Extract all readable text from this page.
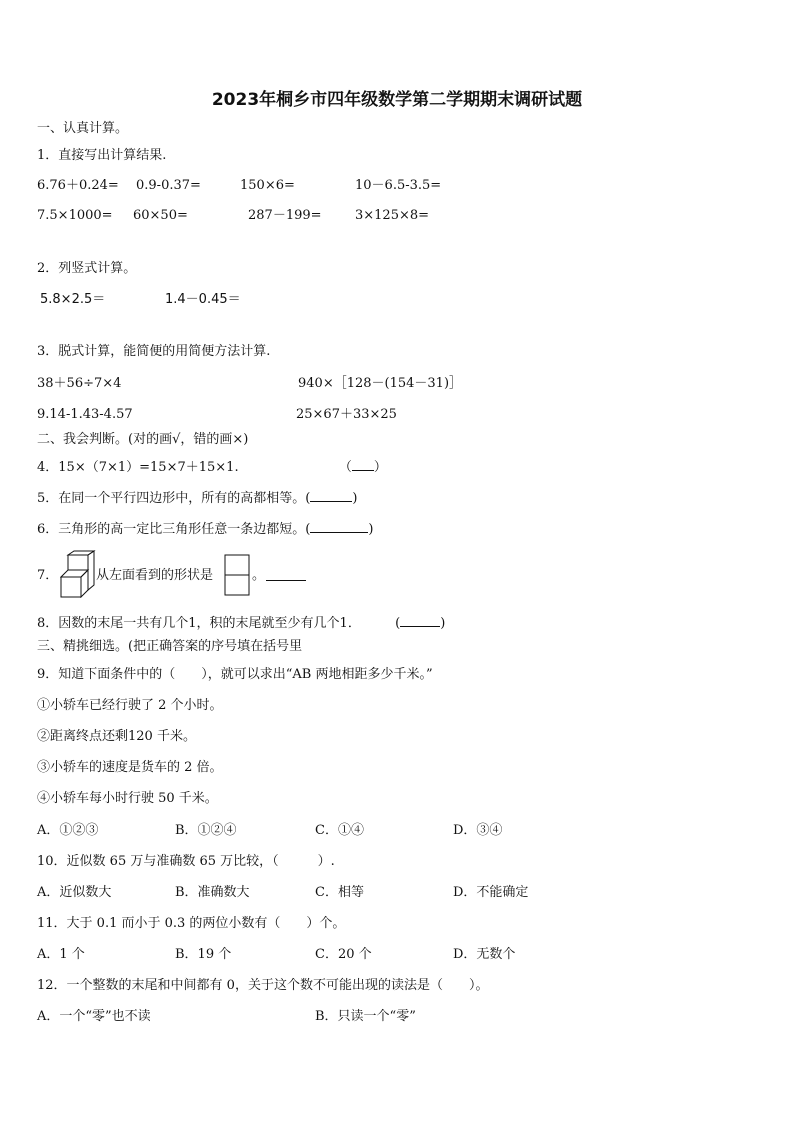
2023年桐乡市四年级数学第二学期期末调研试题
一、认真计算。
1．直接写出计算结果.
6.76＋0.24= 0.9-0.37=	150×6=	10－6.5-3.5=
7.5×1000= 60×50=	287－199=	3×125×8=
2．列竖式计算。
5.8×2.5＝	1.4－0.45＝
3．脱式计算，能简便的用简便方法计算.
38＋56÷7×4	940×［128－(154－31)］
9.14-1.43-4.57	25×67＋33×25
二、我会判断。(对的画√，错的画×)
4．15×（7×1）=15×7＋15×1.	（ ）
5．在同一个平行四边形中，所有的高都相等。(	)
6．三角形的高一定比三角形任意一条边都短。(	)
7．	从左面看到的形状是	。
8．因数的末尾一共有几个1，积的末尾就至少有几个1．	(	)
三、精挑细选。(把正确答案的序号填在括号里
9．知道下面条件中的（　　），就可以求出“AB 两地相距多少千米。”
①小轿车已经行驶了 2 个小时。
②距离终点还剩120 千米。
③小轿车的速度是货车的 2 倍。
④小轿车每小时行驶 50 千米。
A．①②③	B．①②④	C．①④	D．③④
10．近似数 65 万与准确数 65 万比较，（　　　）.
A．近似数大	B．准确数大	C．相等	D．不能确定
11．大于 0.1 而小于 0.3 的两位小数有（　　）个。
A．1 个	B．19 个	C．20 个	D．无数个
12．一个整数的末尾和中间都有 0，关于这个数不可能出现的读法是（　　）。
A．一个“零”也不读	B．只读一个“零”
